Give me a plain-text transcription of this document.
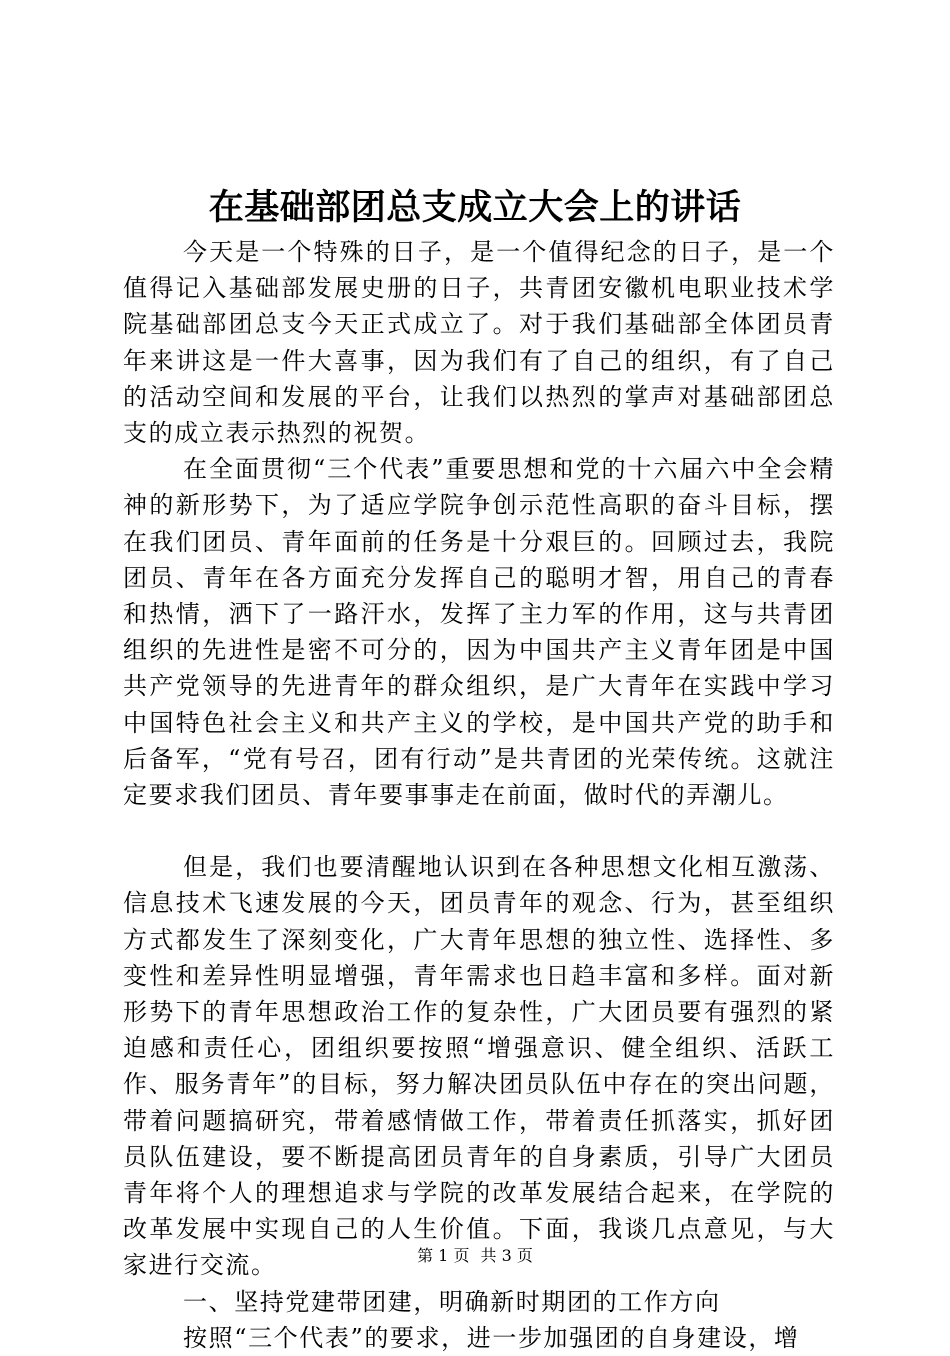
在基础部团总支成立大会上的讲话

今天是一个特殊的日子，是一个值得纪念的日子，是一个值得记入基础部发展史册的日子，共青团安徽机电职业技术学院基础部团总支今天正式成立了。对于我们基础部全体团员青年来讲这是一件大喜事，因为我们有了自己的组织，有了自己的活动空间和发展的平台，让我们以热烈的掌声对基础部团总支的成立表示热烈的祝贺。

在全面贯彻“三个代表”重要思想和党的十六届六中全会精神的新形势下，为了适应学院争创示范性高职的奋斗目标，摆在我们团员、青年面前的任务是十分艰巨的。回顾过去，我院团员、青年在各方面充分发挥自己的聪明才智，用自己的青春和热情，洒下了一路汗水，发挥了主力军的作用，这与共青团组织的先进性是密不可分的，因为中国共产主义青年团是中国共产党领导的先进青年的群众组织，是广大青年在实践中学习中国特色社会主义和共产主义的学校，是中国共产党的助手和后备军，“党有号召，团有行动”是共青团的光荣传统。这就注定要求我们团员、青年要事事走在前面，做时代的弄潮儿。

但是，我们也要清醒地认识到在各种思想文化相互激荡、信息技术飞速发展的今天，团员青年的观念、行为，甚至组织方式都发生了深刻变化，广大青年思想的独立性、选择性、多变性和差异性明显增强，青年需求也日趋丰富和多样。面对新形势下的青年思想政治工作的复杂性，广大团员要有强烈的紧迫感和责任心，团组织要按照“增强意识、健全组织、活跃工作、服务青年”的目标，努力解决团员队伍中存在的突出问题，带着问题搞研究，带着感情做工作，带着责任抓落实，抓好团员队伍建设，要不断提高团员青年的自身素质，引导广大团员青年将个人的理想追求与学院的改革发展结合起来，在学院的改革发展中实现自己的人生价值。下面，我谈几点意见，与大家进行交流。

一、坚持党建带团建，明确新时期团的工作方向

按照“三个代表”的要求，进一步加强团的自身建设，增

第 1 页 共 3 页
